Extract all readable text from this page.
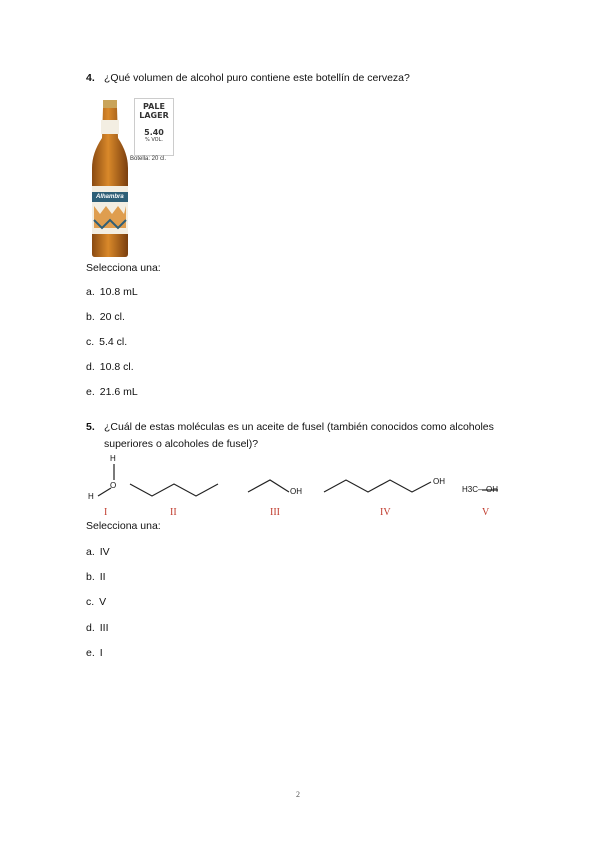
4. ¿Qué volumen de alcohol puro contiene este botellín de cerveza?
Alhambra
PALE
LAGER
5.40
% VOL.
Botella: 20 cl.
Selecciona una:
a. 10.8 mL
b. 20 cl.
c. 5.4 cl.
d. 10.8 cl.
e. 21.6 mL
5. ¿Cuál de estas moléculas es un aceite de fusel (también conocidos como alcoholes
superiores o alcoholes de fusel)?
H
O
H
OH
OH
H3C—OH
I	II	III	IV	V
Selecciona una:
a. IV
b. II
c. V
d. III
e. I
2
